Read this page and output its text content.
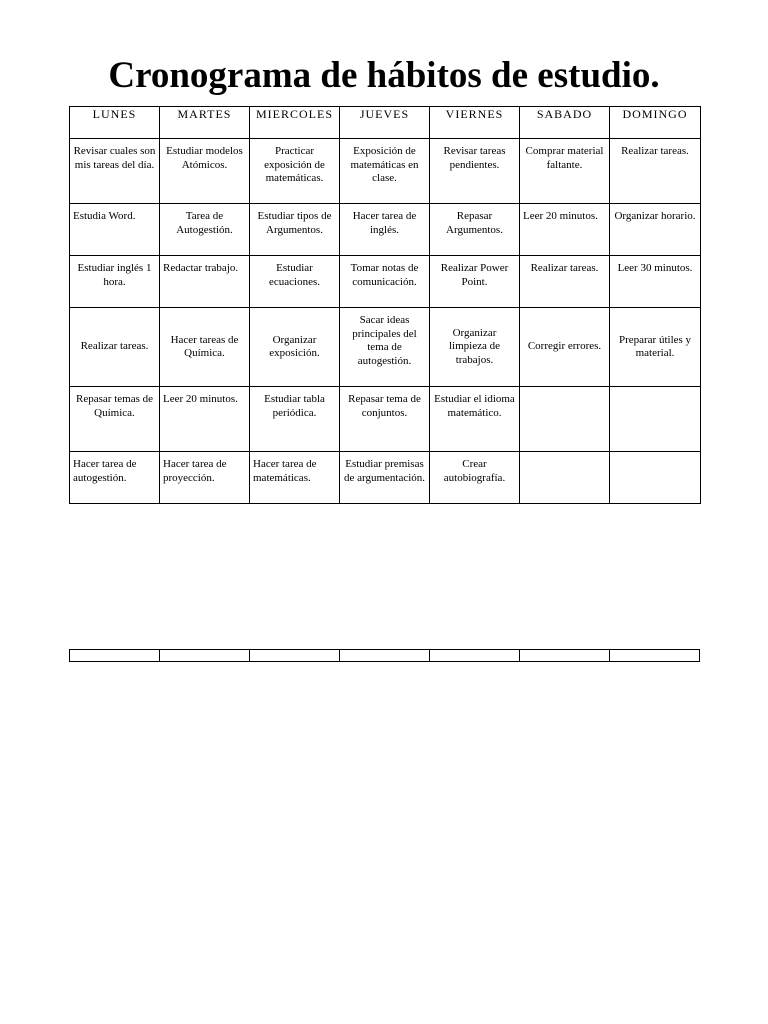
Cronograma de hábitos de estudio.
LUNES	MARTES	MIERCOLES	JUEVES	VIERNES	SABADO	DOMINGO
Revisar cuales son mis tareas del día.	Estudiar modelos Atómicos.	Practicar exposición de matemáticas.	Exposición de matemáticas en clase.	Revisar tareas pendientes.	Comprar material faltante.	Realizar tareas.
Estudia Word.	Tarea de Autogestión.	Estudiar tipos de Argumentos.	Hacer tarea de inglés.	Repasar Argumentos.	Leer 20 minutos.	Organizar horario.
Estudiar inglés 1 hora.	Redactar trabajo.	Estudiar ecuaciones.	Tomar notas de comunicación.	Realizar Power Point.	Realizar tareas.	Leer 30 minutos.
Realizar tareas.	Hacer tareas de Química.	Organizar exposición.	Sacar ideas principales del tema de autogestión.	Organizar limpieza de trabajos.	Corregir errores.	Preparar útiles y material.
Repasar temas de Química.	Leer 20 minutos.	Estudiar tabla periódica.	Repasar tema de conjuntos.	Estudiar el idioma matemático.		
Hacer tarea de autogestión.	Hacer tarea de proyección.	Hacer tarea de matemáticas.	Estudiar premisas de argumentación.	Crear autobiografía.		
